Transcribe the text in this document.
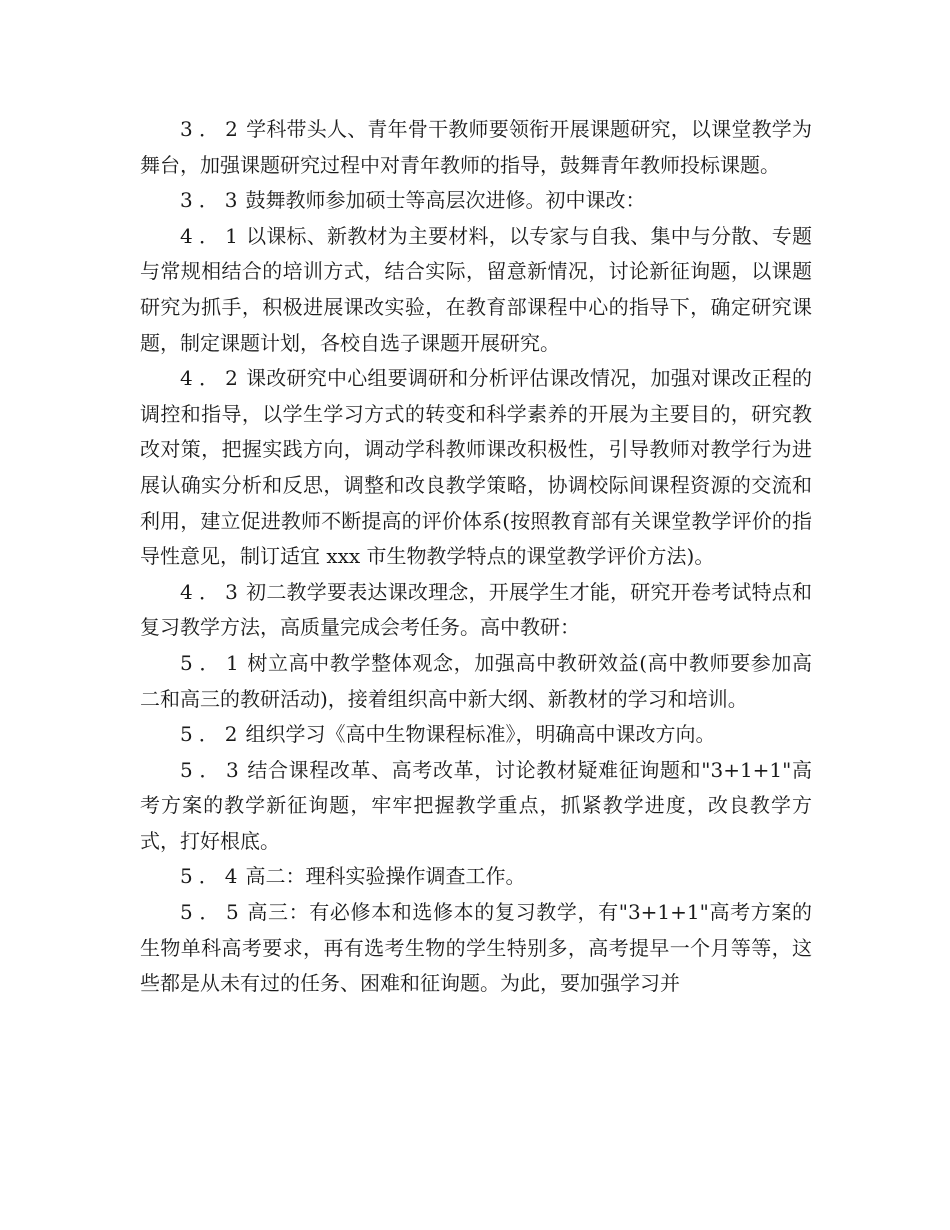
3．2 学科带头人、青年骨干教师要领衔开展课题研究，以课堂教学为舞台，加强课题研究过程中对青年教师的指导，鼓舞青年教师投标课题。

3．3 鼓舞教师参加硕士等高层次进修。初中课改：

4．1 以课标、新教材为主要材料，以专家与自我、集中与分散、专题与常规相结合的培训方式，结合实际，留意新情况，讨论新征询题，以课题研究为抓手，积极进展课改实验，在教育部课程中心的指导下，确定研究课题，制定课题计划，各校自选子课题开展研究。

4．2 课改研究中心组要调研和分析评估课改情况，加强对课改正程的调控和指导，以学生学习方式的转变和科学素养的开展为主要目的，研究教改对策，把握实践方向，调动学科教师课改积极性，引导教师对教学行为进展认确实分析和反思，调整和改良教学策略，协调校际间课程资源的交流和利用，建立促进教师不断提高的评价体系(按照教育部有关课堂教学评价的指导性意见，制订适宜 xxx 市生物教学特点的课堂教学评价方法)。

4．3 初二教学要表达课改理念，开展学生才能，研究开卷考试特点和复习教学方法，高质量完成会考任务。高中教研：

5．1 树立高中教学整体观念，加强高中教研效益(高中教师要参加高二和高三的教研活动)，接着组织高中新大纲、新教材的学习和培训。

5．2 组织学习《高中生物课程标准》，明确高中课改方向。

5．3 结合课程改革、高考改革，讨论教材疑难征询题和"3+1+1"高考方案的教学新征询题，牢牢把握教学重点，抓紧教学进度，改良教学方式，打好根底。

5．4 高二：理科实验操作调查工作。

5．5 高三：有必修本和选修本的复习教学，有"3+1+1"高考方案的生物单科高考要求，再有选考生物的学生特别多，高考提早一个月等等，这些都是从未有过的任务、困难和征询题。为此，要加强学习并
